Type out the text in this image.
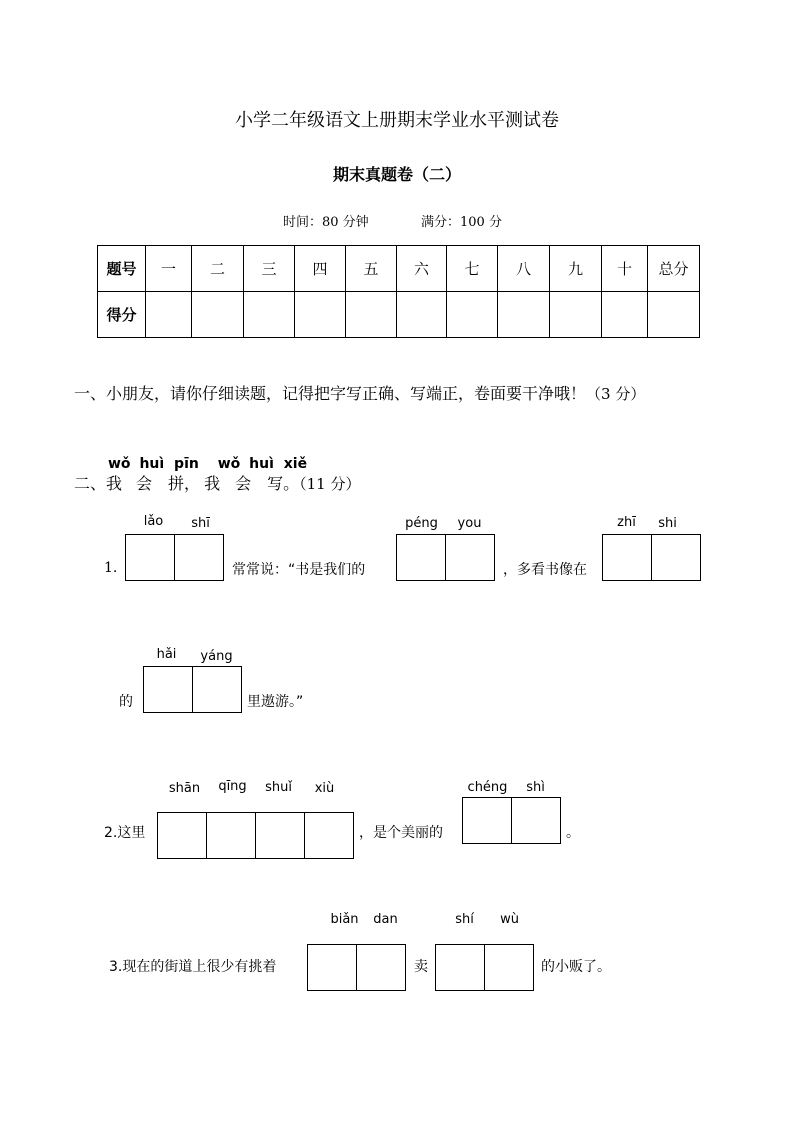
小学二年级语文上册期末学业水平测试卷
期末真题卷（二）
时间：80 分钟	满分：100 分
题号	一	二	三	四	五	六	七	八	九	十	总分
得分											
一、小朋友，请你仔细读题，记得把字写正确、写端正，卷面要干净哦！（3 分）
wǒ huì pīn wǒ huì xiě
二、我 会 拼， 我 会 写。（11 分）
lǎo	shī
1.	常常说：“书是我们的
péng	you
，多看书像在
zhī	shi
hǎi	yáng
的	里遨游。”
shān	qīng	shuǐ	xiù
2.这里	，是个美丽的
chéng	shì
。
biǎn	dan
3.现在的街道上很少有挑着	卖
shí	wù
的小贩了。
